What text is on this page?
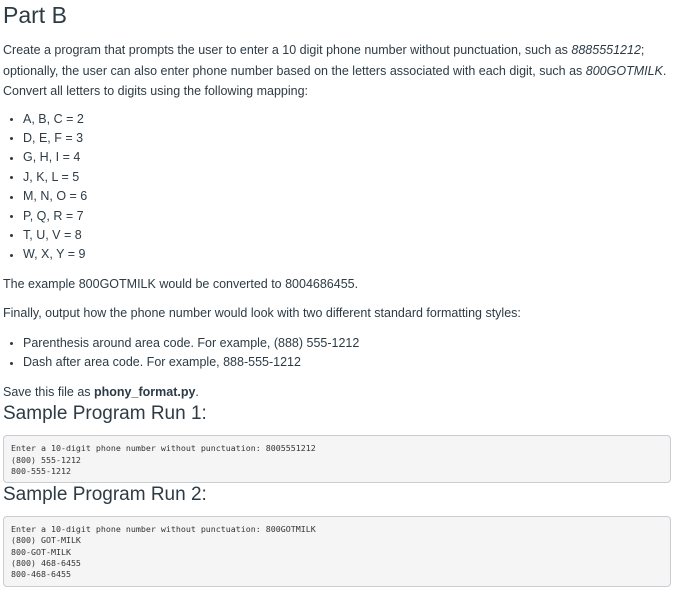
Part B

Create a program that prompts the user to enter a 10 digit phone number without punctuation, such as 8885551212;
optionally, the user can also enter phone number based on the letters associated with each digit, such as 800GOTMILK.
Convert all letters to digits using the following mapping:

A, B, C = 2
D, E, F = 3
G, H, I = 4
J, K, L = 5
M, N, O = 6
P, Q, R = 7
T, U, V = 8
W, X, Y = 9

The example 800GOTMILK would be converted to 8004686455.

Finally, output how the phone number would look with two different standard formatting styles:

Parenthesis around area code. For example, (888) 555-1212
Dash after area code. For example, 888-555-1212

Save this file as phony_format.py.

Sample Program Run 1:
Enter a 10-digit phone number without punctuation: 8005551212
(800) 555-1212
800-555-1212
Sample Program Run 2:
Enter a 10-digit phone number without punctuation: 800GOTMILK
(800) GOT-MILK
800-GOT-MILK
(800) 468-6455
800-468-6455
